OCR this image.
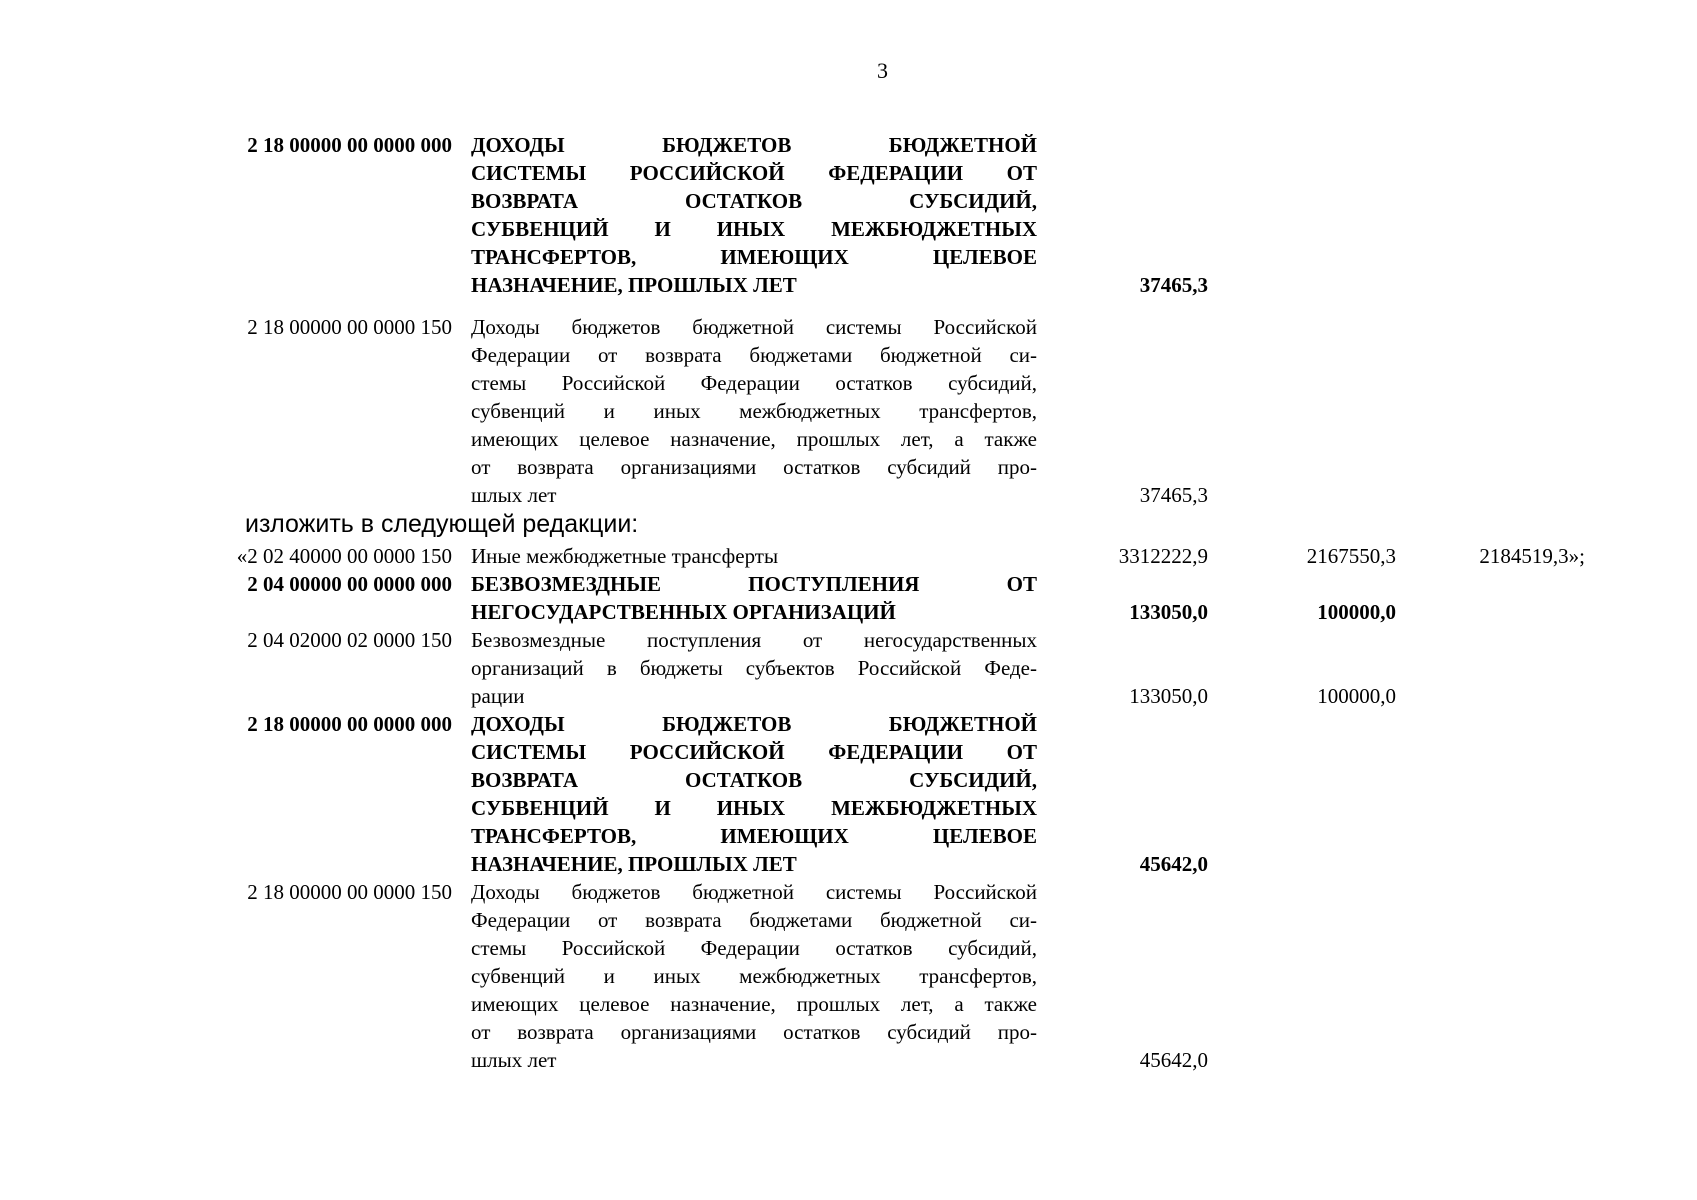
3
2 18 00000 00 0000 000 ДОХОДЫ БЮДЖЕТОВ БЮДЖЕТНОЙ
СИСТЕМЫ РОССИЙСКОЙ ФЕДЕРАЦИИ ОТ
ВОЗВРАТА ОСТАТКОВ СУБСИДИЙ,
СУБВЕНЦИЙ И ИНЫХ МЕЖБЮДЖЕТНЫХ
ТРАНСФЕРТОВ, ИМЕЮЩИХ ЦЕЛЕВОЕ
НАЗНАЧЕНИЕ, ПРОШЛЫХ ЛЕТ	37465,3
2 18 00000 00 0000 150 Доходы бюджетов бюджетной системы Российской
Федерации от возврата бюджетами бюджетной си-
стемы Российской Федерации остатков субсидий,
субвенций и иных межбюджетных трансфертов,
имеющих целевое назначение, прошлых лет, а также
от возврата организациями остатков субсидий про-
шлых лет	37465,3
изложить в следующей редакции:
«2 02 40000 00 0000 150 Иные межбюджетные трансферты	3312222,9	2167550,3	2184519,3»;
2 04 00000 00 0000 000 БЕЗВОЗМЕЗДНЫЕ ПОСТУПЛЕНИЯ ОТ
НЕГОСУДАРСТВЕННЫХ ОРГАНИЗАЦИЙ	133050,0	100000,0
2 04 02000 02 0000 150 Безвозмездные поступления от негосударственных
организаций в бюджеты субъектов Российской Феде-
рации	133050,0	100000,0
2 18 00000 00 0000 000 ДОХОДЫ БЮДЖЕТОВ БЮДЖЕТНОЙ
СИСТЕМЫ РОССИЙСКОЙ ФЕДЕРАЦИИ ОТ
ВОЗВРАТА ОСТАТКОВ СУБСИДИЙ,
СУБВЕНЦИЙ И ИНЫХ МЕЖБЮДЖЕТНЫХ
ТРАНСФЕРТОВ, ИМЕЮЩИХ ЦЕЛЕВОЕ
НАЗНАЧЕНИЕ, ПРОШЛЫХ ЛЕТ	45642,0
2 18 00000 00 0000 150 Доходы бюджетов бюджетной системы Российской
Федерации от возврата бюджетами бюджетной си-
стемы Российской Федерации остатков субсидий,
субвенций и иных межбюджетных трансфертов,
имеющих целевое назначение, прошлых лет, а также
от возврата организациями остатков субсидий про-
шлых лет	45642,0
